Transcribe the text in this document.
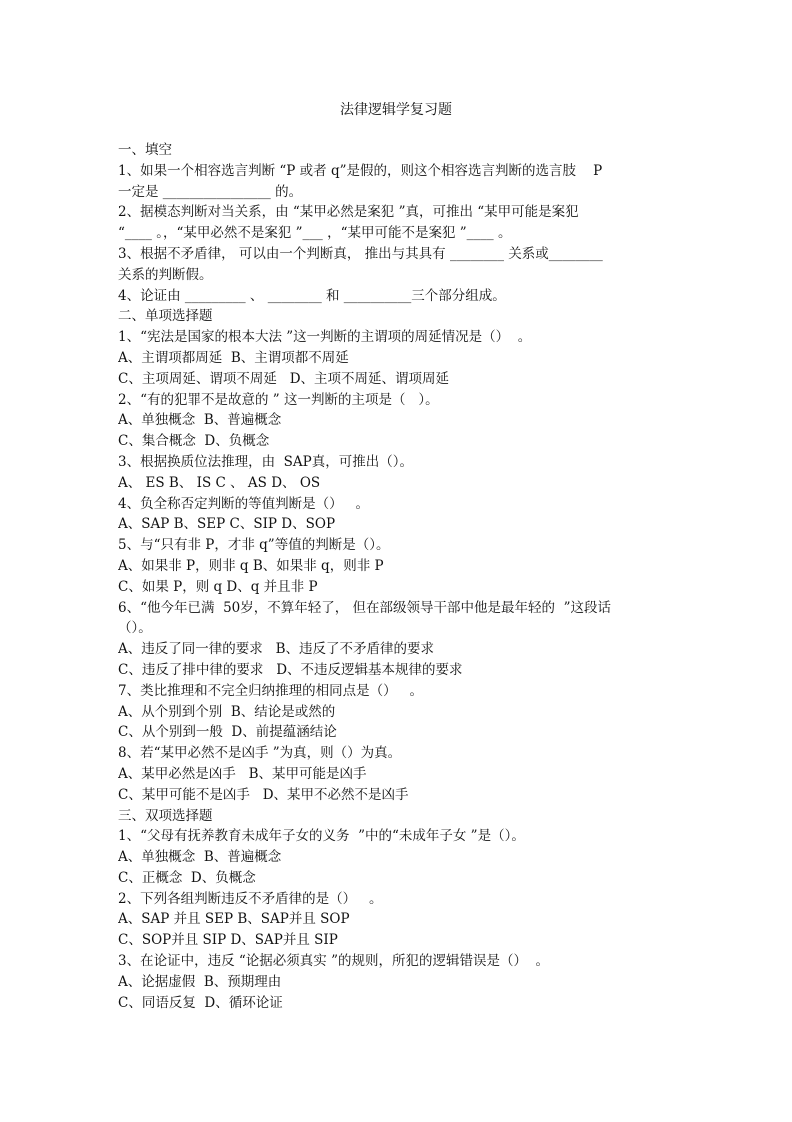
法律逻辑学复习题
一、填空
1、如果一个相容选言判断 “P 或者 q”是假的，则这个相容选言判断的选言肢    P
一定是 ________________ 的。
2、据模态判断对当关系，由 “某甲必然是案犯 ”真，可推出 “某甲可能是案犯
“____ 。，“某甲必然不是案犯 ”___ ，“某甲可能不是案犯 ”____ 。
3、根据不矛盾律， 可以由一个判断真， 推出与其具有 ________ 关系或________
关系的判断假。
4、论证由 _________ 、 ________ 和 __________三个部分组成。
二、单项选择题
1、“宪法是国家的根本大法 ”这一判断的主谓项的周延情况是（）  。
A、主谓项都周延  B、主谓项都不周延
C、主项周延、谓项不周延   D、主项不周延、谓项周延
2、“有的犯罪不是故意的 ” 这一判断的主项是（   ）。
A、单独概念  B、普遍概念
C、集合概念  D、负概念
3、根据换质位法推理，由  SAP真，可推出（）。
A、 ES B、 IS C 、 AS D、 OS
4、负全称否定判断的等值判断是（）   。
A、SAP B、SEP C、SIP D、SOP
5、与“只有非 P，才非 q”等值的判断是（）。
A、如果非 P，则非 q B、如果非 q，则非 P
C、如果 P，则 q D、q 并且非 P
6、“他今年已满  50岁，不算年轻了， 但在部级领导干部中他是最年轻的  ”这段话
（）。
A、违反了同一律的要求   B、违反了不矛盾律的要求
C、违反了排中律的要求   D、不违反逻辑基本规律的要求
7、类比推理和不完全归纳推理的相同点是（）   。
A、从个别到个别  B、结论是或然的
C、从个别到一般  D、前提蕴涵结论
8、若“某甲必然不是凶手 ”为真，则（）为真。
A、某甲必然是凶手   B、某甲可能是凶手
C、某甲可能不是凶手   D、某甲不必然不是凶手
三、双项选择题
1、“父母有抚养教育未成年子女的义务  ”中的“未成年子女 ”是（）。
A、单独概念  B、普遍概念
C、正概念  D、负概念
2、下列各组判断违反不矛盾律的是（）   。
A、SAP 并且 SEP B、SAP并且 SOP
C、SOP并且 SIP D、SAP并且 SIP
3、在论证中，违反 “论据必须真实 ”的规则，所犯的逻辑错误是（）  。
A、论据虚假  B、预期理由
C、同语反复  D、循环论证
